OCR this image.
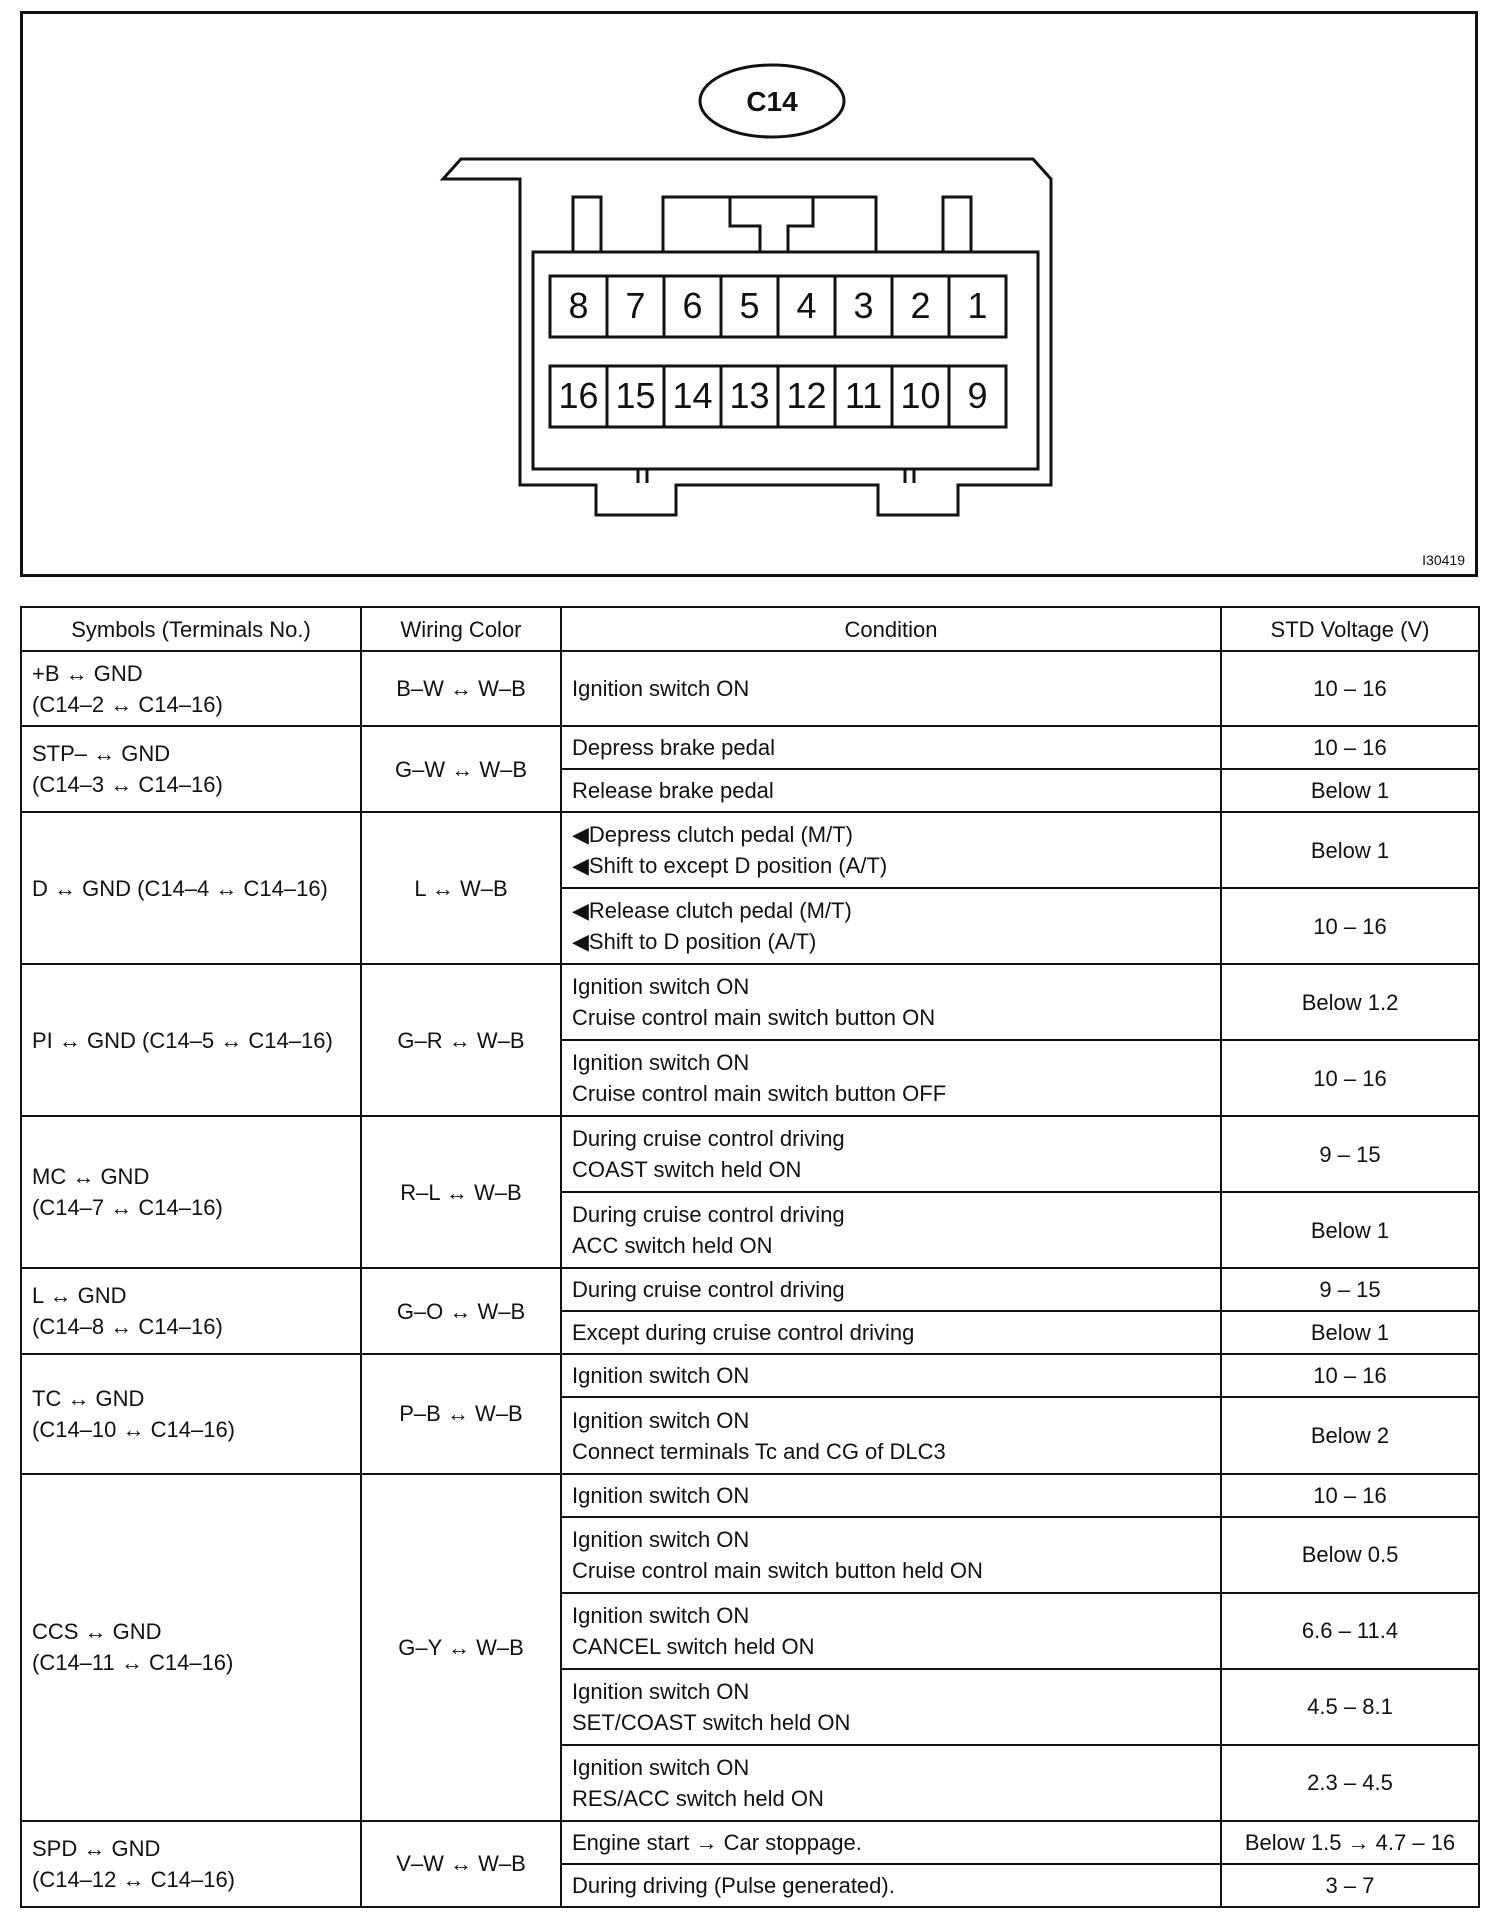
C14
8 7 6 5 4 3 2 1
16 15 14 13 12 11 10 9
I30419
Symbols (Terminals No.)	Wiring Color	Condition	STD Voltage (V)

+B ↔ GND
(C14–2 ↔ C14–16)	B–W ↔ W–B	Ignition switch ON	10 – 16

STP– ↔ GND
(C14–3 ↔ C14–16)	G–W ↔ W–B	Depress brake pedal	10 – 16

		Release brake pedal	Below 1

D ↔ GND (C14–4 ↔ C14–16)	L ↔ W–B	◀Depress clutch pedal (M/T)
◀Shift to except D position (A/T)	Below 1

		◀Release clutch pedal (M/T)
◀Shift to D position (A/T)	10 – 16

PI ↔ GND (C14–5 ↔ C14–16)	G–R ↔ W–B	Ignition switch ON
Cruise control main switch button ON	Below 1.2

		Ignition switch ON
Cruise control main switch button OFF	10 – 16

MC ↔ GND
(C14–7 ↔ C14–16)	R–L ↔ W–B	During cruise control driving
COAST switch held ON	9 – 15

		During cruise control driving
ACC switch held ON	Below 1

L ↔ GND
(C14–8 ↔ C14–16)	G–O ↔ W–B	During cruise control driving	9 – 15

		Except during cruise control driving	Below 1

TC ↔ GND
(C14–10 ↔ C14–16)	P–B ↔ W–B	Ignition switch ON	10 – 16

		Ignition switch ON
Connect terminals Tc and CG of DLC3	Below 2

CCS ↔ GND
(C14–11 ↔ C14–16)	G–Y ↔ W–B	Ignition switch ON	10 – 16

		Ignition switch ON
Cruise control main switch button held ON	Below 0.5

		Ignition switch ON
CANCEL switch held ON	6.6 – 11.4

		Ignition switch ON
SET/COAST switch held ON	4.5 – 8.1

		Ignition switch ON
RES/ACC switch held ON	2.3 – 4.5

SPD ↔ GND
(C14–12 ↔ C14–16)	V–W ↔ W–B	Engine start → Car stoppage.	Below 1.5 → 4.7 – 16

		During driving (Pulse generated).	3 – 7
